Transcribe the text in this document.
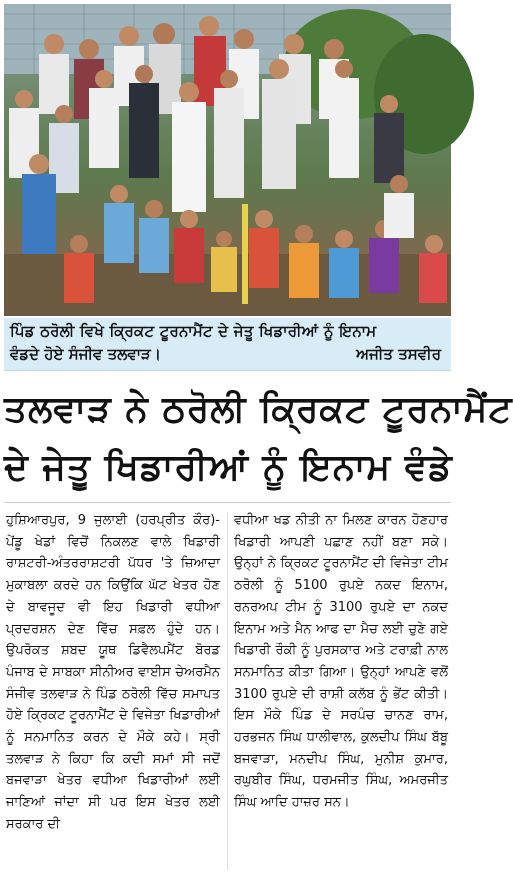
ਪਿੰਡ ਠਰੋਲੀ ਵਿਖੇ ਕ੍ਰਿਕਟ ਟੂਰਨਾਮੈਂਟ ਦੇ ਜੇਤੂ ਖਿਡਾਰੀਆਂ ਨੂੰ ਇਨਾਮ
ਵੰਡਦੇ ਹੋਏ ਸੰਜੀਵ ਤਲਵਾੜ।	ਅਜੀਤ ਤਸਵੀਰ
ਤਲਵਾੜ ਨੇ ਠਰੋਲੀ ਕ੍ਰਿਕਟ ਟੂਰਨਾਮੈਂਟ
ਦੇ ਜੇਤੂ ਖਿਡਾਰੀਆਂ ਨੂੰ ਇਨਾਮ ਵੰਡੇ

ਹੁਸ਼ਿਆਰਪੁਰ, 9 ਜੁਲਾਈ (ਹਰਪ੍ਰੀਤ ਕੌਰ)-ਪੇਂਡੂ ਖੇਡਾਂ ਵਿਚੋਂ ਨਿਕਲਣ ਵਾਲੇ ਖਿਡਾਰੀ ਰਾਸ਼ਟਰੀ-ਅੰਤਰਰਾਸ਼ਟਰੀ ਪੱਧਰ 'ਤੇ ਜ਼ਿਆਦਾ ਮੁਕਾਬਲਾ ਕਰਦੇ ਹਨ ਕਿਉਂਕਿ ਘੱਟ ਖੇਤਰ ਹੋਣ ਦੇ ਬਾਵਜੂਦ ਵੀ ਇਹ ਖਿਡਾਰੀ ਵਧੀਆ ਪ੍ਰਦਰਸ਼ਨ ਦੇਣ ਵਿੱਚ ਸਫ਼ਲ ਹੁੰਦੇ ਹਨ। ਉਪਰੋਕਤ ਸ਼ਬਦ ਯੂਥ ਡਿਵੈਲਪਮੈਂਟ ਬੋਰਡ ਪੰਜਾਬ ਦੇ ਸਾਬਕਾ ਸੀਨੀਅਰ ਵਾਈਸ ਚੇਅਰਮੈਨ ਸੰਜੀਵ ਤਲਵਾੜ ਨੇ ਪਿੰਡ ਠਰੋਲੀ ਵਿੱਚ ਸਮਾਪਤ ਹੋਏ ਕ੍ਰਿਕਟ ਟੂਰਨਾਮੈਂਟ ਦੇ ਵਿਜੇਤਾ ਖਿਡਾਰੀਆਂ ਨੂੰ ਸਨਮਾਨਿਤ ਕਰਨ ਦੇ ਮੌਕੇ ਕਹੇ। ਸ੍ਰੀ ਤਲਵਾੜ ਨੇ ਕਿਹਾ ਕਿ ਕਦੀ ਸਮਾਂ ਸੀ ਜਦੋਂ ਬਜਵਾੜਾ ਖੇਤਰ ਵਧੀਆ ਖਿਡਾਰੀਆਂ ਲਈ ਜਾਣਿਆਂ ਜਾਂਦਾ ਸੀ ਪਰ ਇਸ ਖੇਤਰ ਲਈ ਸਰਕਾਰ ਦੀ

ਵਧੀਆ ਖਡ ਨੀਤੀ ਨਾ ਮਿਲਣ ਕਾਰਨ ਹੋਣਹਾਰ ਖਿਡਾਰੀ ਆਪਣੀ ਪਛਾਣ ਨਹੀਂ ਬਣਾ ਸਕੇ। ਉਨ੍ਹਾਂ ਨੇ ਕ੍ਰਿਕਟ ਟੂਰਨਾਮੈਂਟ ਦੀ ਵਿਜੇਤਾ ਟੀਮ ਠਰੋਲੀ ਨੂੰ 5100 ਰੁਪਏ ਨਕਦ ਇਨਾਮ, ਰਨਰਅਪ ਟੀਮ ਨੂੰ 3100 ਰੁਪਏ ਦਾ ਨਕਦ ਇਨਾਮ ਅਤੇ ਮੈਨ ਆਫ ਦਾ ਮੈਚ ਲਈ ਚੁਣੇ ਗਏ ਖਿਡਾਰੀ ਰੌਕੀ ਨੂੰ ਪੁਰਸਕਾਰ ਅਤੇ ਟਰਾਫ਼ੀ ਨਾਲ ਸਨਮਾਨਿਤ ਕੀਤਾ ਗਿਆ। ਉਨ੍ਹਾਂ ਆਪਣੇ ਵਲੋਂ 3100 ਰੁਪਏ ਦੀ ਰਾਸ਼ੀ ਕਲੱਬ ਨੂੰ ਭੇਂਟ ਕੀਤੀ। ਇਸ ਮੌਕੇ ਪਿੰਡ ਦੇ ਸਰਪੰਚ ਚਾਨਣ ਰਾਮ, ਹਰਭਜਨ ਸਿੰਘ ਧਾਲੀਵਾਲ, ਕੁਲਦੀਪ ਸਿੰਘ ਬੱਬੂ ਬਜਵਾੜਾ, ਮਨਦੀਪ ਸਿੰਘ, ਮੁਨੀਸ਼ ਕੁਮਾਰ, ਰਘੁਬੀਰ ਸਿੰਘ, ਧਰਮਜੀਤ ਸਿੰਘ, ਅਮਰਜੀਤ ਸਿੰਘ ਆਦਿ ਹਾਜ਼ਰ ਸਨ।
